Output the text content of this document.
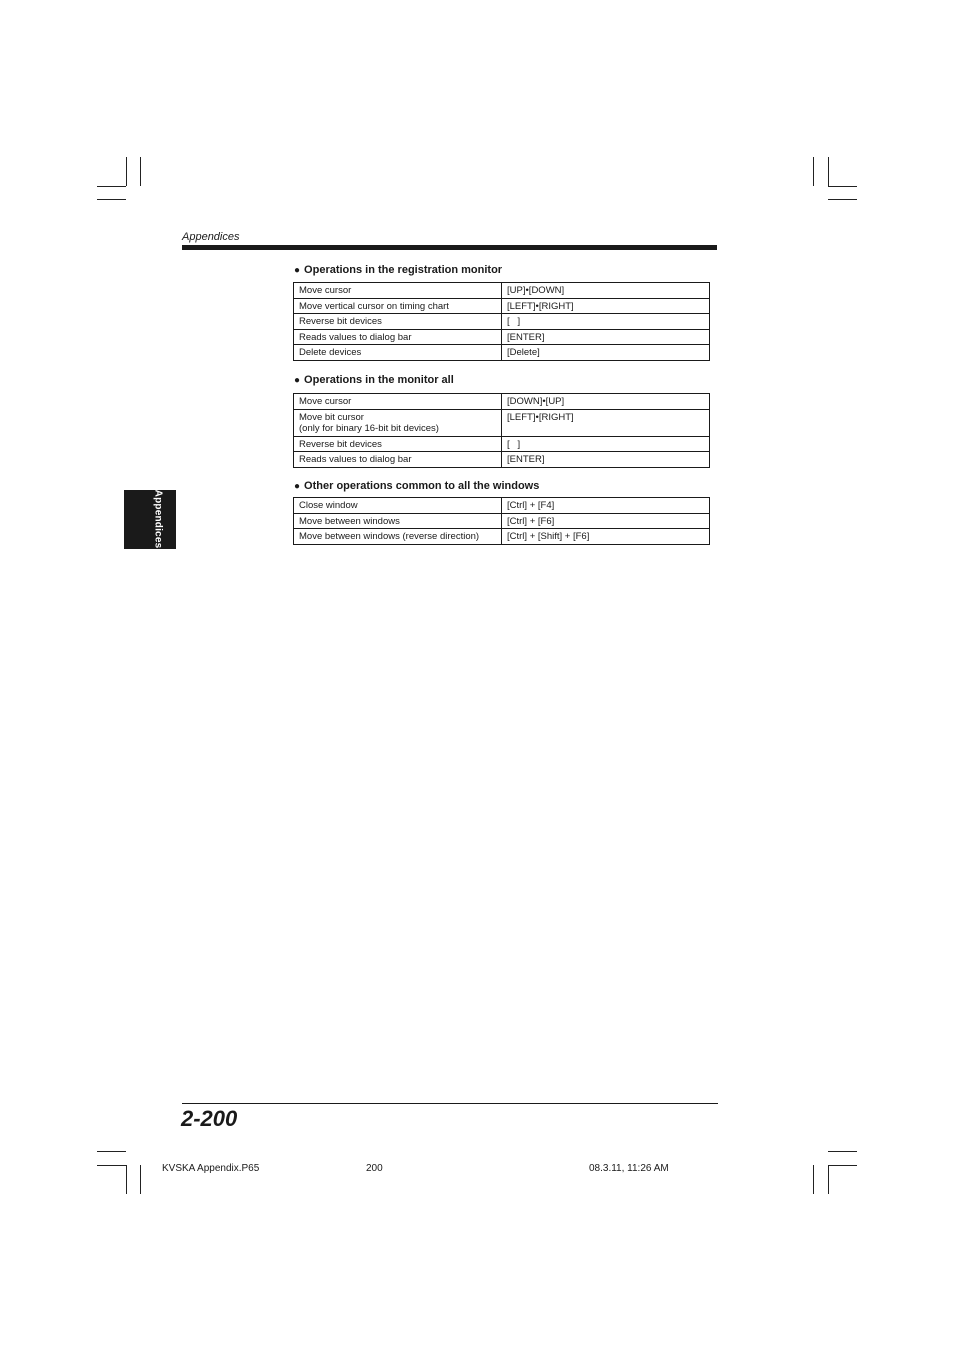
Appendices
Appendices
● Operations in the registration monitor
Move cursor	[UP]•[DOWN]
Move vertical cursor on timing chart	[LEFT]•[RIGHT]
Reverse bit devices	[   ]
Reads values to dialog bar	[ENTER]
Delete devices	[Delete]
● Operations in the monitor all
Move cursor	[DOWN]•[UP]

Move bit cursor
(only for binary 16-bit bit devices)	[LEFT]•[RIGHT]
Reverse bit devices	[   ]
Reads values to dialog bar	[ENTER]
● Other operations common to all the windows
Close window	[Ctrl] + [F4]
Move between windows	[Ctrl] + [F6]
Move between windows (reverse direction)	[Ctrl] + [Shift] + [F6]
2-200
KVSKA Appendix.P65	200	08.3.11, 11:26 AM
